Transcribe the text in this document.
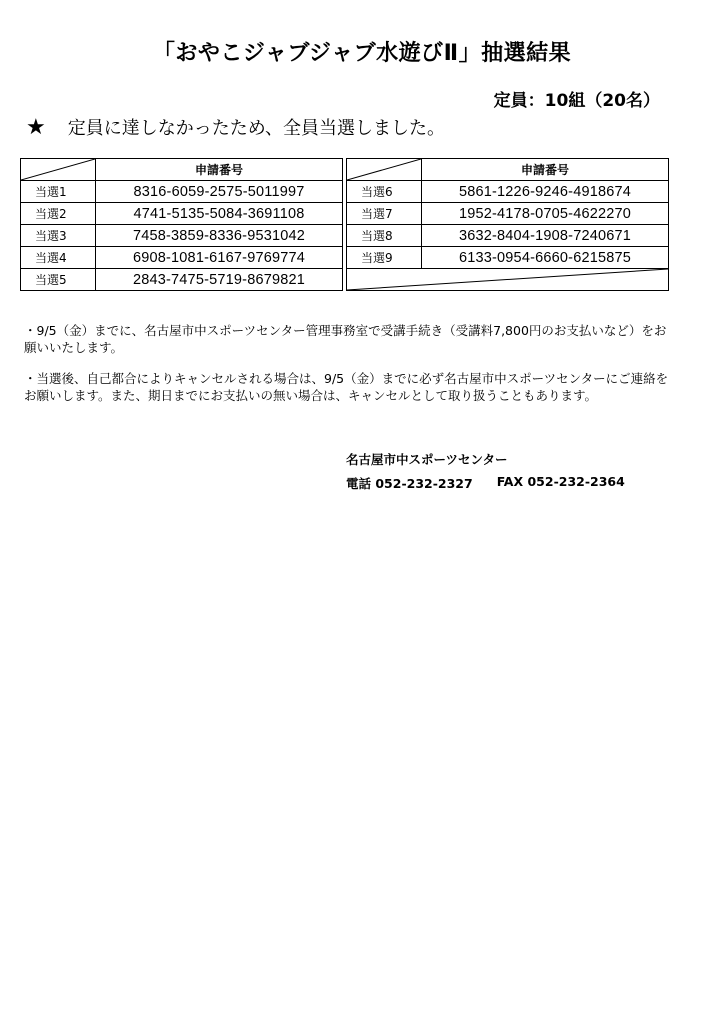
「おやこジャブジャブ水遊びⅡ」抽選結果
定員：10組（20名）
★ 定員に達しなかったため、全員当選しました。
	申請番号
当選1	8316-6059-2575-5011997
当選2	4741-5135-5084-3691108
当選3	7458-3859-8336-9531042
当選4	6908-1081-6167-9769774
当選5	2843-7475-5719-8679821
	申請番号
当選6	5861-1226-9246-4918674
当選7	1952-4178-0705-4622270
当選8	3632-8404-1908-7240671
当選9	6133-0954-6660-6215875

・9/5（金）までに、名古屋市中スポーツセンター管理事務室で受講手続き（受講料7,800円のお支払いなど）をお願いいたします。
・当選後、自己都合によりキャンセルされる場合は、9/5（金）までに必ず名古屋市中スポーツセンターにご連絡をお願いします。また、期日までにお支払いの無い場合は、キャンセルとして取り扱うこともあります。
名古屋市中スポーツセンター
電話 052-232-2327 FAX 052-232-2364
